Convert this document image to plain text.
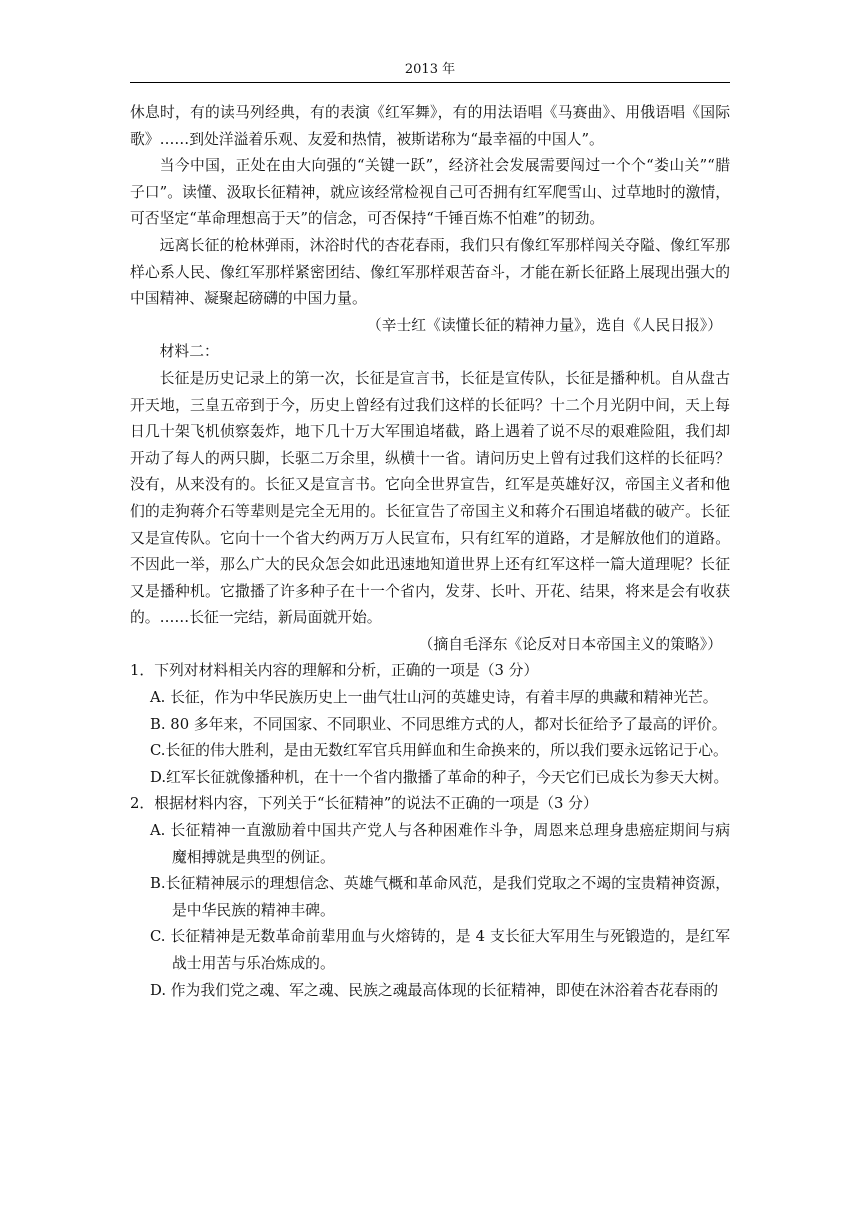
2013 年

休息时，有的读马列经典，有的表演《红军舞》，有的用法语唱《马赛曲》、用俄语唱《国际歌》……到处洋溢着乐观、友爱和热情，被斯诺称为“最幸福的中国人”。

当今中国，正处在由大向强的“关键一跃”，经济社会发展需要闯过一个个“娄山关”“腊子口”。读懂、汲取长征精神，就应该经常检视自己可否拥有红军爬雪山、过草地时的激情，可否坚定“革命理想高于天”的信念，可否保持“千锤百炼不怕难”的韧劲。

远离长征的枪林弹雨，沐浴时代的杏花春雨，我们只有像红军那样闯关夺隘、像红军那样心系人民、像红军那样紧密团结、像红军那样艰苦奋斗，才能在新长征路上展现出强大的中国精神、凝聚起磅礴的中国力量。

（辛士红《读懂长征的精神力量》，选自《人民日报》）

材料二：

长征是历史记录上的第一次，长征是宣言书，长征是宣传队，长征是播种机。自从盘古开天地，三皇五帝到于今，历史上曾经有过我们这样的长征吗？十二个月光阴中间，天上每日几十架飞机侦察轰炸，地下几十万大军围追堵截，路上遇着了说不尽的艰难险阻，我们却开动了每人的两只脚，长驱二万余里，纵横十一省。请问历史上曾有过我们这样的长征吗？没有，从来没有的。长征又是宣言书。它向全世界宣告，红军是英雄好汉，帝国主义者和他们的走狗蒋介石等辈则是完全无用的。长征宣告了帝国主义和蒋介石围追堵截的破产。长征又是宣传队。它向十一个省大约两万万人民宣布，只有红军的道路，才是解放他们的道路。不因此一举，那么广大的民众怎会如此迅速地知道世界上还有红军这样一篇大道理呢？长征又是播种机。它撒播了许多种子在十一个省内，发芽、长叶、开花、结果，将来是会有收获的。……长征一完结，新局面就开始。

（摘自毛泽东《论反对日本帝国主义的策略》）

1．下列对材料相关内容的理解和分析，正确的一项是（3 分）

A. 长征，作为中华民族历史上一曲气壮山河的英雄史诗，有着丰厚的典藏和精神光芒。

B. 80 多年来，不同国家、不同职业、不同思维方式的人，都对长征给予了最高的评价。

C.长征的伟大胜利，是由无数红军官兵用鲜血和生命换来的，所以我们要永远铭记于心。

D.红军长征就像播种机，在十一个省内撒播了革命的种子，今天它们已成长为参天大树。

2．根据材料内容，下列关于“长征精神”的说法不正确的一项是（3 分）

A. 长征精神一直激励着中国共产党人与各种困难作斗争，周恩来总理身患癌症期间与病魔相搏就是典型的例证。

B.长征精神展示的理想信念、英雄气概和革命风范，是我们党取之不竭的宝贵精神资源，是中华民族的精神丰碑。

C. 长征精神是无数革命前辈用血与火熔铸的，是 4 支长征大军用生与死锻造的，是红军战士用苦与乐冶炼成的。

D. 作为我们党之魂、军之魂、民族之魂最高体现的长征精神，即使在沐浴着杏花春雨的
